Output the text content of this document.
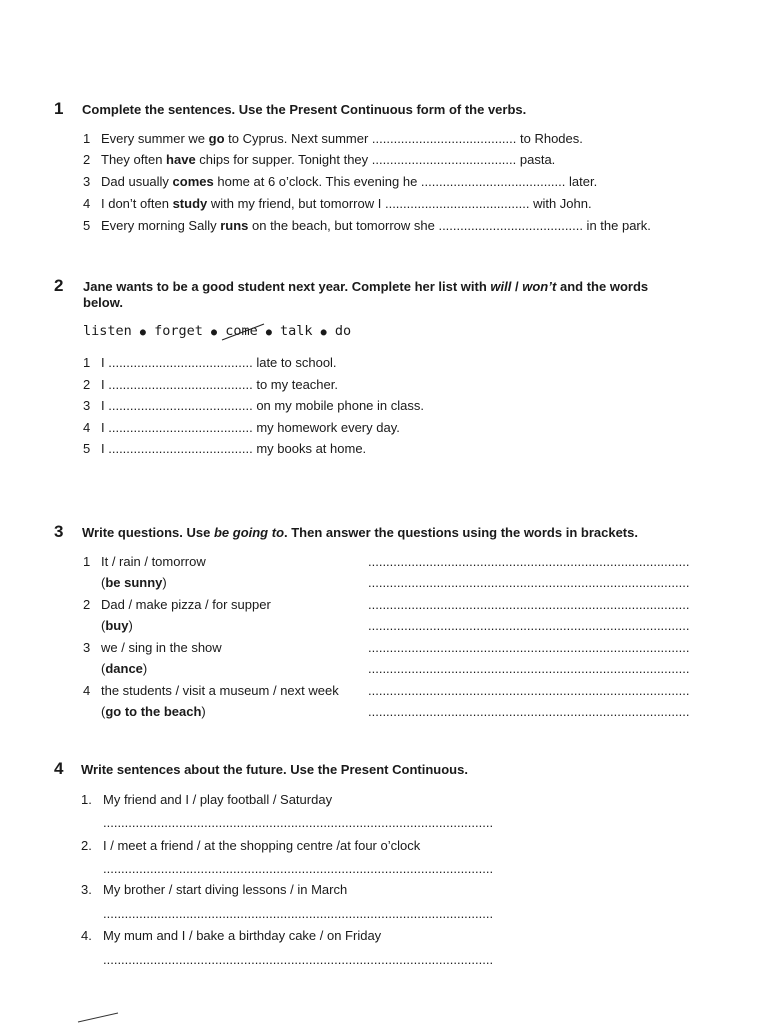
1 Complete the sentences. Use the Present Continuous form of the verbs.
1 Every summer we go to Cyprus. Next summer ........................................ to Rhodes.
2 They often have chips for supper. Tonight they ........................................ pasta.
3 Dad usually comes home at 6 o’clock. This evening he ........................................ later.
4 I don’t often study with my friend, but tomorrow I ........................................ with John.
5 Every morning Sally runs on the beach, but tomorrow she ........................................ in the park.
2 Jane wants to be a good student next year. Complete her list with will / won’t and the words
below.
listen ● forget ● come ● talk ● do
1 I ........................................ late to school.
2 I ........................................ to my teacher.
3 I ........................................ on my mobile phone in class.
4 I ........................................ my homework every day.
5 I ........................................ my books at home.
3 Write questions. Use be going to. Then answer the questions using the words in brackets.
1 It / rain / tomorrow
(be sunny)
.........................................................................................
.........................................................................................
2 Dad / make pizza / for supper
(buy)
.........................................................................................
.........................................................................................
3 we / sing in the show
(dance)
.........................................................................................
.........................................................................................
4 the students / visit a museum / next week
(go to the beach)
.........................................................................................
.........................................................................................
4 Write sentences about the future. Use the Present Continuous.
1. My friend and I / play football / Saturday
............................................................................................................
2. I / meet a friend / at the shopping centre /at four o’clock
............................................................................................................
3. My brother / start diving lessons / in March
............................................................................................................
4. My mum and I / bake a birthday cake / on Friday
............................................................................................................
